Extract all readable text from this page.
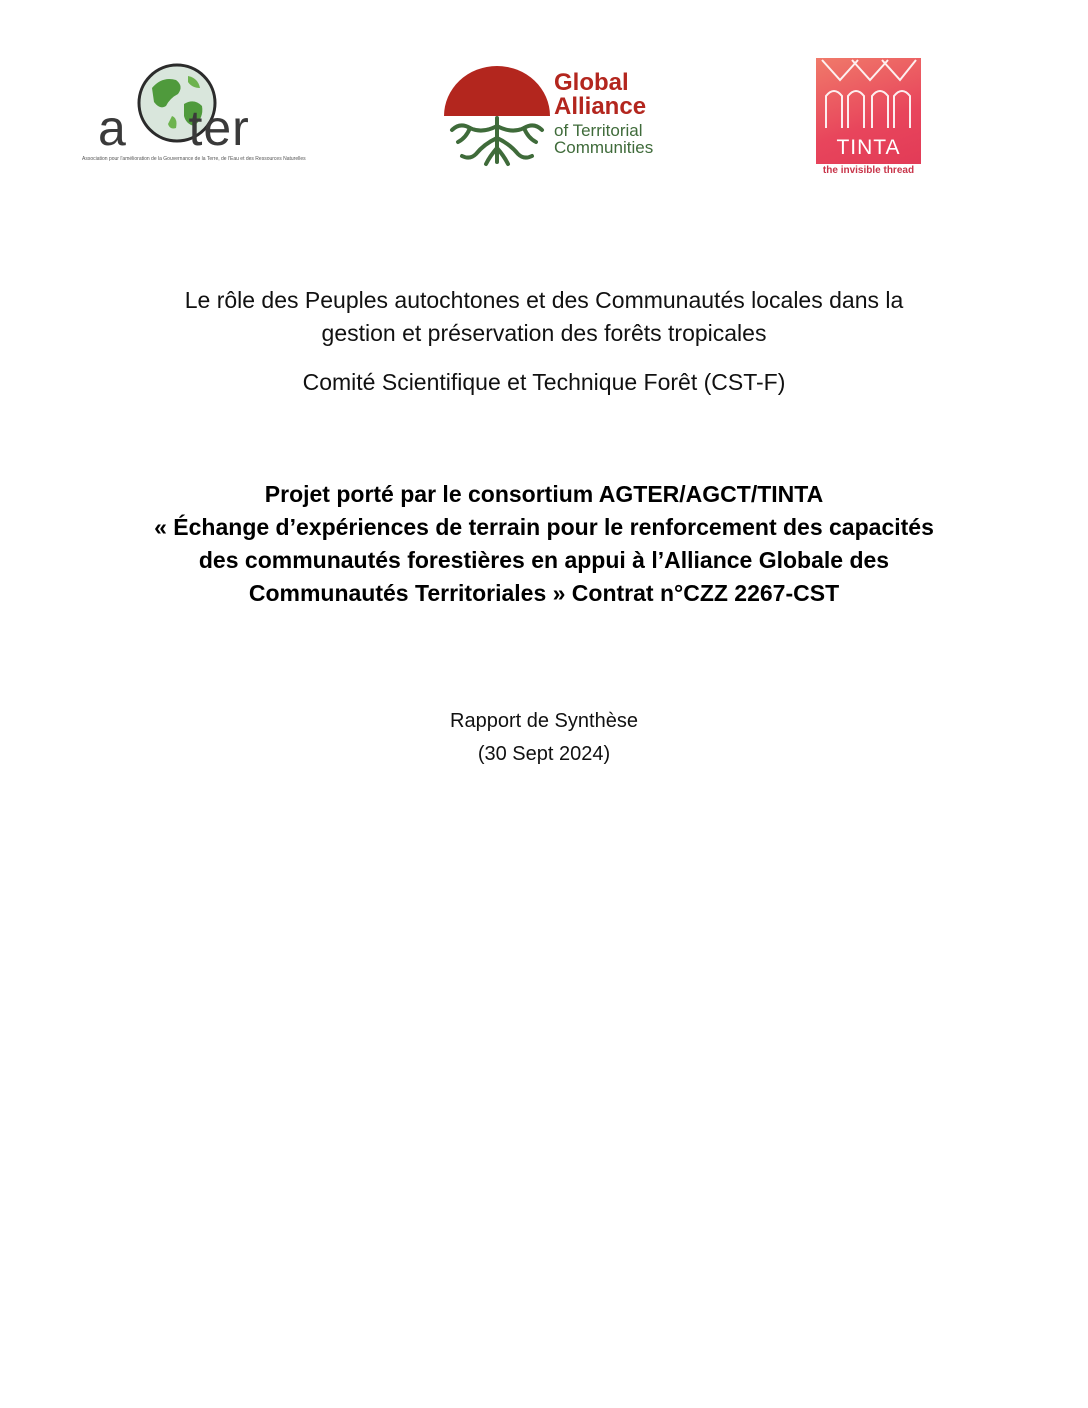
a ter
Association pour l'amélioration de la Gouvernance de la Terre, de l'Eau et des Ressources Naturelles
Global
Alliance
of Territorial
Communities	TINTA
the invisible thread
Le rôle des Peuples autochtones et des Communautés locales dans la
gestion et préservation des forêts tropicales
Comité Scientifique et Technique Forêt (CST-F)
Projet porté par le consortium AGTER/AGCT/TINTA
« Échange d’expériences de terrain pour le renforcement des capacités
des communautés forestières en appui à l’Alliance Globale des
Communautés Territoriales » Contrat n°CZZ 2267-CST
Rapport de Synthèse
(30 Sept 2024)
